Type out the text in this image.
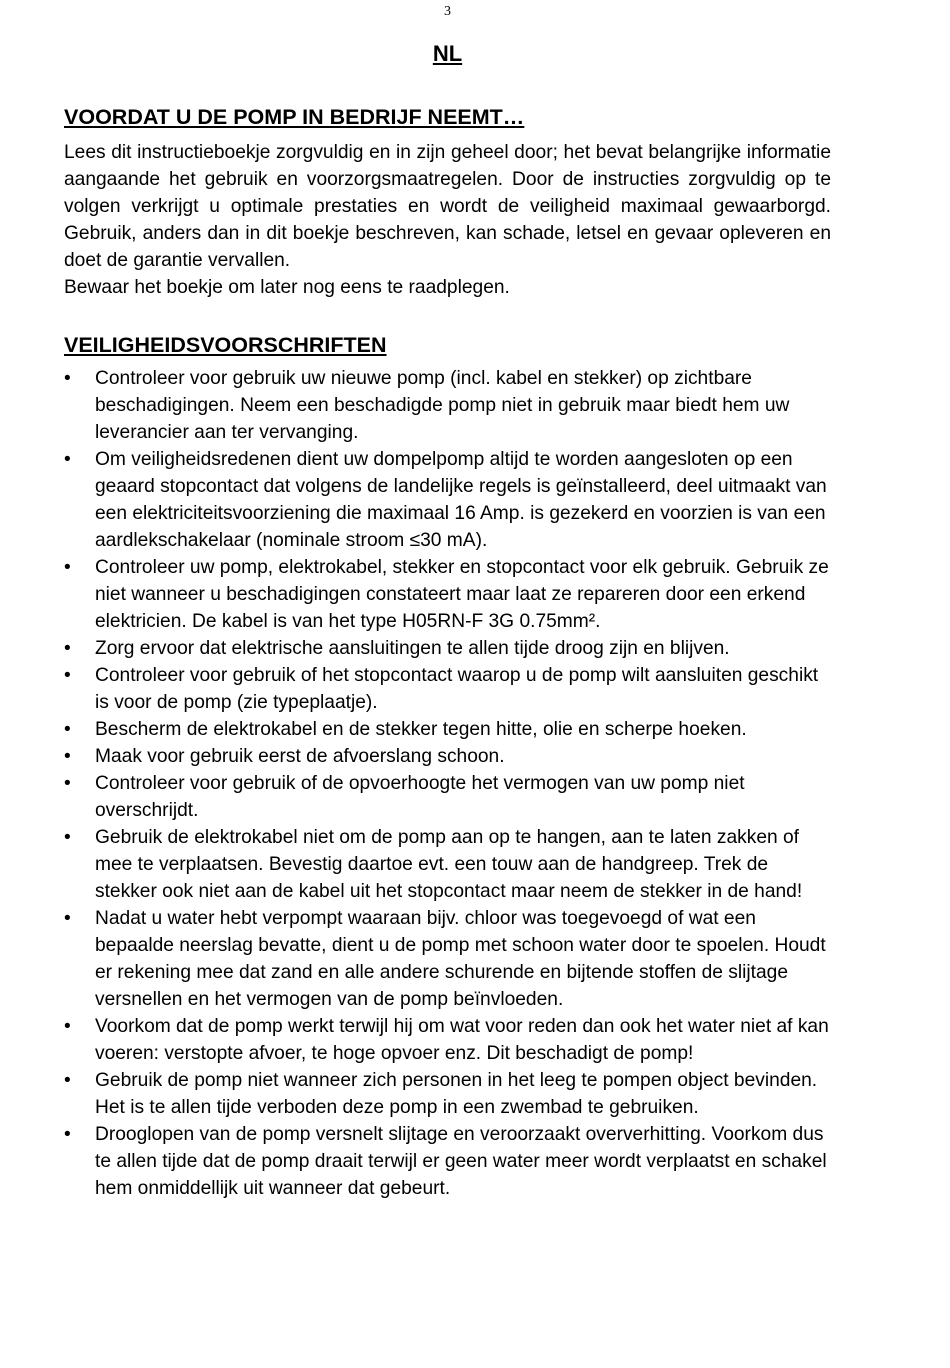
3
NL
VOORDAT U DE POMP IN BEDRIJF NEEMT…

Lees dit instructieboekje zorgvuldig en in zijn geheel door; het bevat belangrijke informatie aangaande het gebruik en voorzorgsmaatregelen. Door de instructies zorgvuldig op te volgen verkrijgt u optimale prestaties en wordt de veiligheid maximaal gewaarborgd. Gebruik, anders dan in dit boekje beschreven, kan schade, letsel en gevaar opleveren en doet de garantie vervallen.

Bewaar het boekje om later nog eens te raadplegen.

VEILIGHEIDSVOORSCHRIFTEN
•	Controleer voor gebruik uw nieuwe pomp (incl. kabel en stekker) op zichtbare beschadigingen. Neem een beschadigde pomp niet in gebruik maar biedt hem uw leverancier aan ter vervanging.
•	Om veiligheidsredenen dient uw dompelpomp altijd te worden aangesloten op een geaard stopcontact dat volgens de landelijke regels is geïnstalleerd, deel uitmaakt van een elektriciteitsvoorziening die maximaal 16 Amp. is gezekerd en voorzien is van een aardlekschakelaar (nominale stroom ≤30 mA).
•	Controleer uw pomp, elektrokabel, stekker en stopcontact voor elk gebruik. Gebruik ze niet wanneer u beschadigingen constateert maar laat ze repareren door een erkend elektricien. De kabel is van het type H05RN-F 3G 0.75mm².
•	Zorg ervoor dat elektrische aansluitingen te allen tijde droog zijn en blijven.
•	Controleer voor gebruik of het stopcontact waarop u de pomp wilt aansluiten geschikt is voor de pomp (zie typeplaatje).
•	Bescherm de elektrokabel en de stekker tegen hitte, olie en scherpe hoeken.
•	Maak voor gebruik eerst de afvoerslang schoon.
•	Controleer voor gebruik of de opvoerhoogte het vermogen van uw pomp niet overschrijdt.
•	Gebruik de elektrokabel niet om de pomp aan op te hangen, aan te laten zakken of mee te verplaatsen. Bevestig daartoe evt. een touw aan de handgreep. Trek de stekker ook niet aan de kabel uit het stopcontact maar neem de stekker in de hand!
•	Nadat u water hebt verpompt waaraan bijv. chloor was toegevoegd of wat een bepaalde neerslag bevatte, dient u de pomp met schoon water door te spoelen. Houdt er rekening mee dat zand en alle andere schurende en bijtende stoffen de slijtage versnellen en het vermogen van de pomp beïnvloeden.
•	Voorkom dat de pomp werkt terwijl hij om wat voor reden dan ook het water niet af kan voeren: verstopte afvoer, te hoge opvoer enz. Dit beschadigt de pomp!
•	Gebruik de pomp niet wanneer zich personen in het leeg te pompen object bevinden. Het is te allen tijde verboden deze pomp in een zwembad te gebruiken.
•	Drooglopen van de pomp versnelt slijtage en veroorzaakt oververhitting. Voorkom dus te allen tijde dat de pomp draait terwijl er geen water meer wordt verplaatst en schakel hem onmiddellijk uit wanneer dat gebeurt.
